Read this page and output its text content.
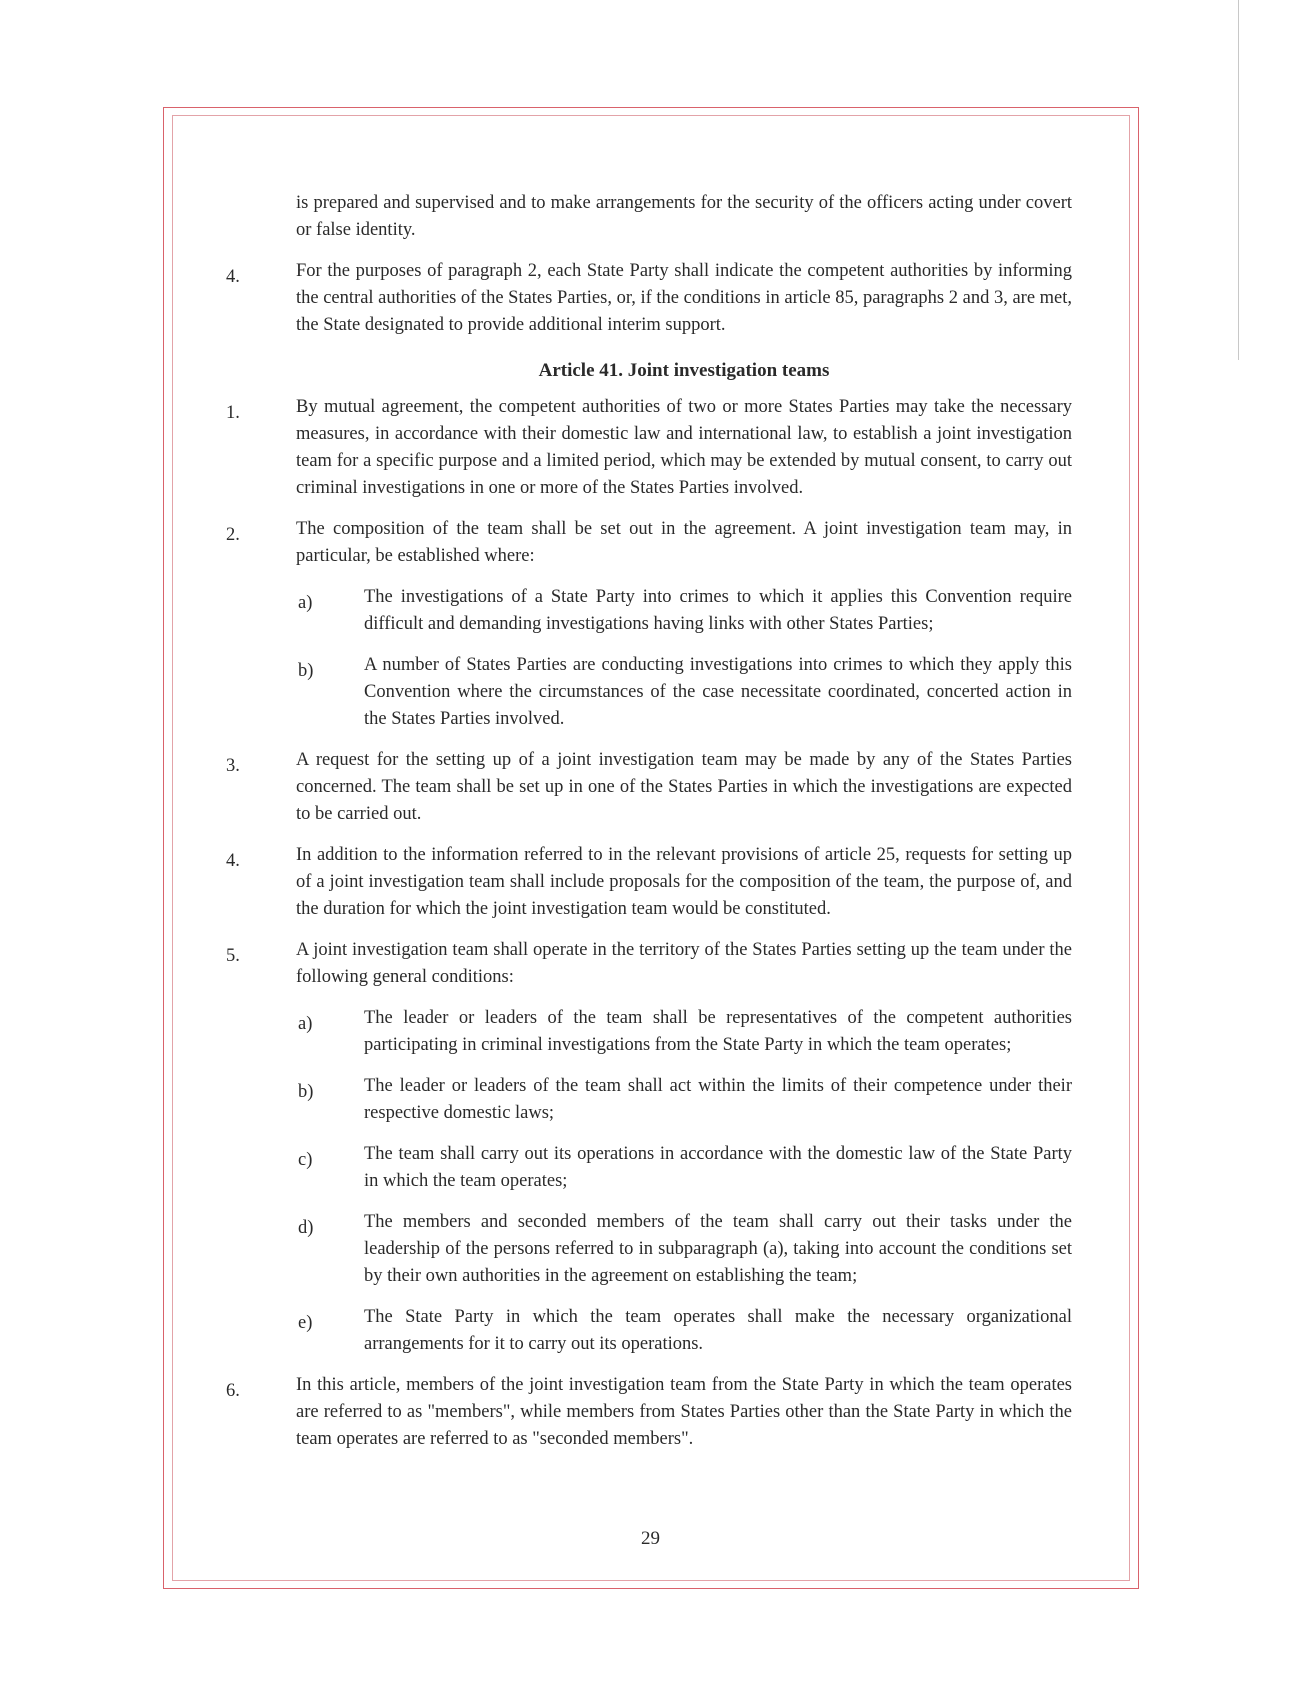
is prepared and supervised and to make arrangements for the security of the officers acting under covert or false identity.
4.	For the purposes of paragraph 2, each State Party shall indicate the competent authorities by informing the central authorities of the States Parties, or, if the conditions in article 85, paragraphs 2 and 3, are met, the State designated to provide additional interim support.
Article 41. Joint investigation teams
1.	By mutual agreement, the competent authorities of two or more States Parties may take the necessary measures, in accordance with their domestic law and international law, to establish a joint investigation team for a specific purpose and a limited period, which may be extended by mutual consent, to carry out criminal investigations in one or more of the States Parties involved.
2.	The composition of the team shall be set out in the agreement. A joint investigation team may, in particular, be established where:
a)	The investigations of a State Party into crimes to which it applies this Convention require difficult and demanding investigations having links with other States Parties;
b)	A number of States Parties are conducting investigations into crimes to which they apply this Convention where the circumstances of the case necessitate coordinated, concerted action in the States Parties involved.
3.	A request for the setting up of a joint investigation team may be made by any of the States Parties concerned. The team shall be set up in one of the States Parties in which the investigations are expected to be carried out.
4.	In addition to the information referred to in the relevant provisions of article 25, requests for setting up of a joint investigation team shall include proposals for the composition of the team, the purpose of, and the duration for which the joint investigation team would be constituted.
5.	A joint investigation team shall operate in the territory of the States Parties setting up the team under the following general conditions:
a)	The leader or leaders of the team shall be representatives of the competent authorities participating in criminal investigations from the State Party in which the team operates;
b)	The leader or leaders of the team shall act within the limits of their competence under their respective domestic laws;
c)	The team shall carry out its operations in accordance with the domestic law of the State Party in which the team operates;
d)	The members and seconded members of the team shall carry out their tasks under the leadership of the persons referred to in subparagraph (a), taking into account the conditions set by their own authorities in the agreement on establishing the team;
e)	The State Party in which the team operates shall make the necessary organizational arrangements for it to carry out its operations.
6.	In this article, members of the joint investigation team from the State Party in which the team operates are referred to as "members", while members from States Parties other than the State Party in which the team operates are referred to as "seconded members".
29
